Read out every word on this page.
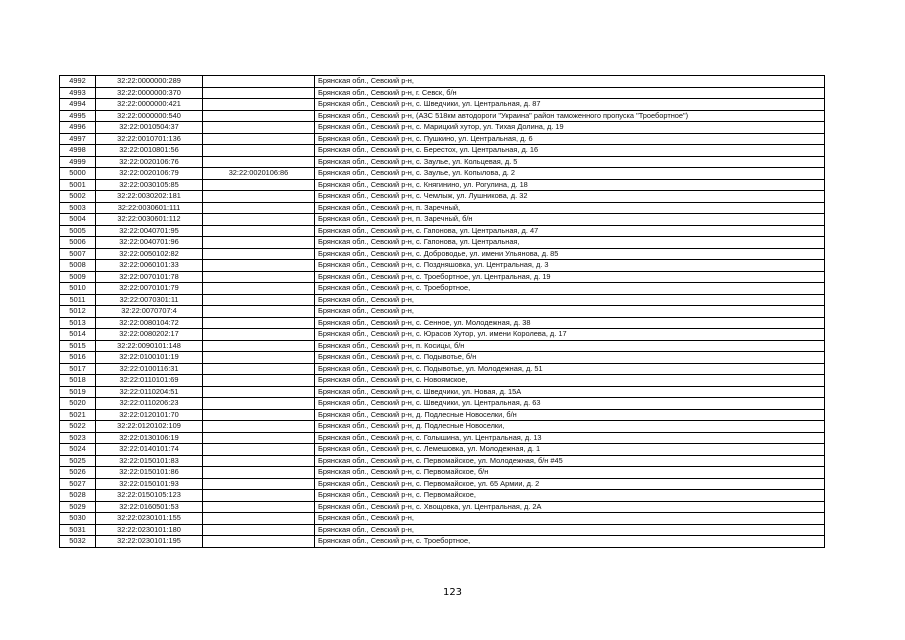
4992	32:22:0000000:289		Брянская обл., Севский р-н,
4993	32:22:0000000:370		Брянская обл., Севский р-н, г. Севск, б/н
4994	32:22:0000000:421		Брянская обл., Севский р-н, с. Шведчики, ул. Центральная, д. 87
4995	32:22:0000000:540		Брянская обл., Севский р-н, (АЗС 518км автодороги "Украина" район таможенного пропуска "Троебортное")
4996	32:22:0010504:37		Брянская обл., Севский р-н, с. Марицкий хутор, ул. Тихая Долина, д. 19
4997	32:22:0010701:136		Брянская обл., Севский р-н, с. Пушкино, ул. Центральная, д. 6
4998	32:22:0010801:56		Брянская обл., Севский р-н, с. Берестох, ул. Центральная, д. 16
4999	32:22:0020106:76		Брянская обл., Севский р-н, с. Заулье, ул. Кольцевая, д. 5
5000	32:22:0020106:79	32:22:0020106:86	Брянская обл., Севский р-н, с. Заулье, ул. Копылова, д. 2
5001	32:22:0030105:85		Брянская обл., Севский р-н, с. Княгинино, ул. Рогулина, д. 18
5002	32:22:0030202:181		Брянская обл., Севский р-н, с. Чемлыж, ул. Лушникова, д. 32
5003	32:22:0030601:111		Брянская обл., Севский р-н, п. Заречный,
5004	32:22:0030601:112		Брянская обл., Севский р-н, п. Заречный, б/н
5005	32:22:0040701:95		Брянская обл., Севский р-н, с. Гапонова, ул. Центральная, д. 47
5006	32:22:0040701:96		Брянская обл., Севский р-н, с. Гапонова, ул. Центральная,
5007	32:22:0050102:82		Брянская обл., Севский р-н, с. Доброводье, ул. имени Ульянова, д. 85
5008	32:22:0060101:33		Брянская обл., Севский р-н, с. Поздняшовка, ул. Центральная, д. 3
5009	32:22:0070101:78		Брянская обл., Севский р-н, с. Троебортное, ул. Центральная, д. 19
5010	32:22:0070101:79		Брянская обл., Севский р-н, с. Троебортное,
5011	32:22:0070301:11		Брянская обл., Севский р-н,
5012	32:22:0070707:4		Брянская обл., Севский р-н,
5013	32:22:0080104:72		Брянская обл., Севский р-н, с. Сенное, ул. Молодежная, д. 38
5014	32:22:0080202:17		Брянская обл., Севский р-н, с. Юрасов Хутор, ул. имени Королева, д. 17
5015	32:22:0090101:148		Брянская обл., Севский р-н, п. Косицы, б/н
5016	32:22:0100101:19		Брянская обл., Севский р-н, с. Подывотье, б/н
5017	32:22:0100116:31		Брянская обл., Севский р-н, с. Подывотье, ул. Молодежная, д. 51
5018	32:22:0110101:69		Брянская обл., Севский р-н, с. Новоямское,
5019	32:22:0110204:51		Брянская обл., Севский р-н, с. Шведчики, ул. Новая, д. 15А
5020	32:22:0110206:23		Брянская обл., Севский р-н, с. Шведчики, ул. Центральная, д. 63
5021	32:22:0120101:70		Брянская обл., Севский р-н, д. Подлесные Новоселки, б/н
5022	32:22:0120102:109		Брянская обл., Севский р-н, д. Подлесные Новоселки,
5023	32:22:0130106:19		Брянская обл., Севский р-н, с. Голышина, ул. Центральная, д. 13
5024	32:22:0140101:74		Брянская обл., Севский р-н, с. Лемешовка, ул. Молодежная, д. 1
5025	32:22:0150101:83		Брянская обл., Севский р-н, с. Первомайское, ул. Молодежная, б/н #45
5026	32:22:0150101:86		Брянская обл., Севский р-н, с. Первомайское, б/н
5027	32:22:0150101:93		Брянская обл., Севский р-н, с. Первомайское, ул. 65 Армии, д. 2
5028	32:22:0150105:123		Брянская обл., Севский р-н, с. Первомайское,
5029	32:22:0160501:53		Брянская обл., Севский р-н, с. Хвощовка, ул. Центральная, д. 2А
5030	32:22:0230101:155		Брянская обл., Севский р-н,
5031	32:22:0230101:180		Брянская обл., Севский р-н,
5032	32:22:0230101:195		Брянская обл., Севский р-н, с. Троебортное,
123
